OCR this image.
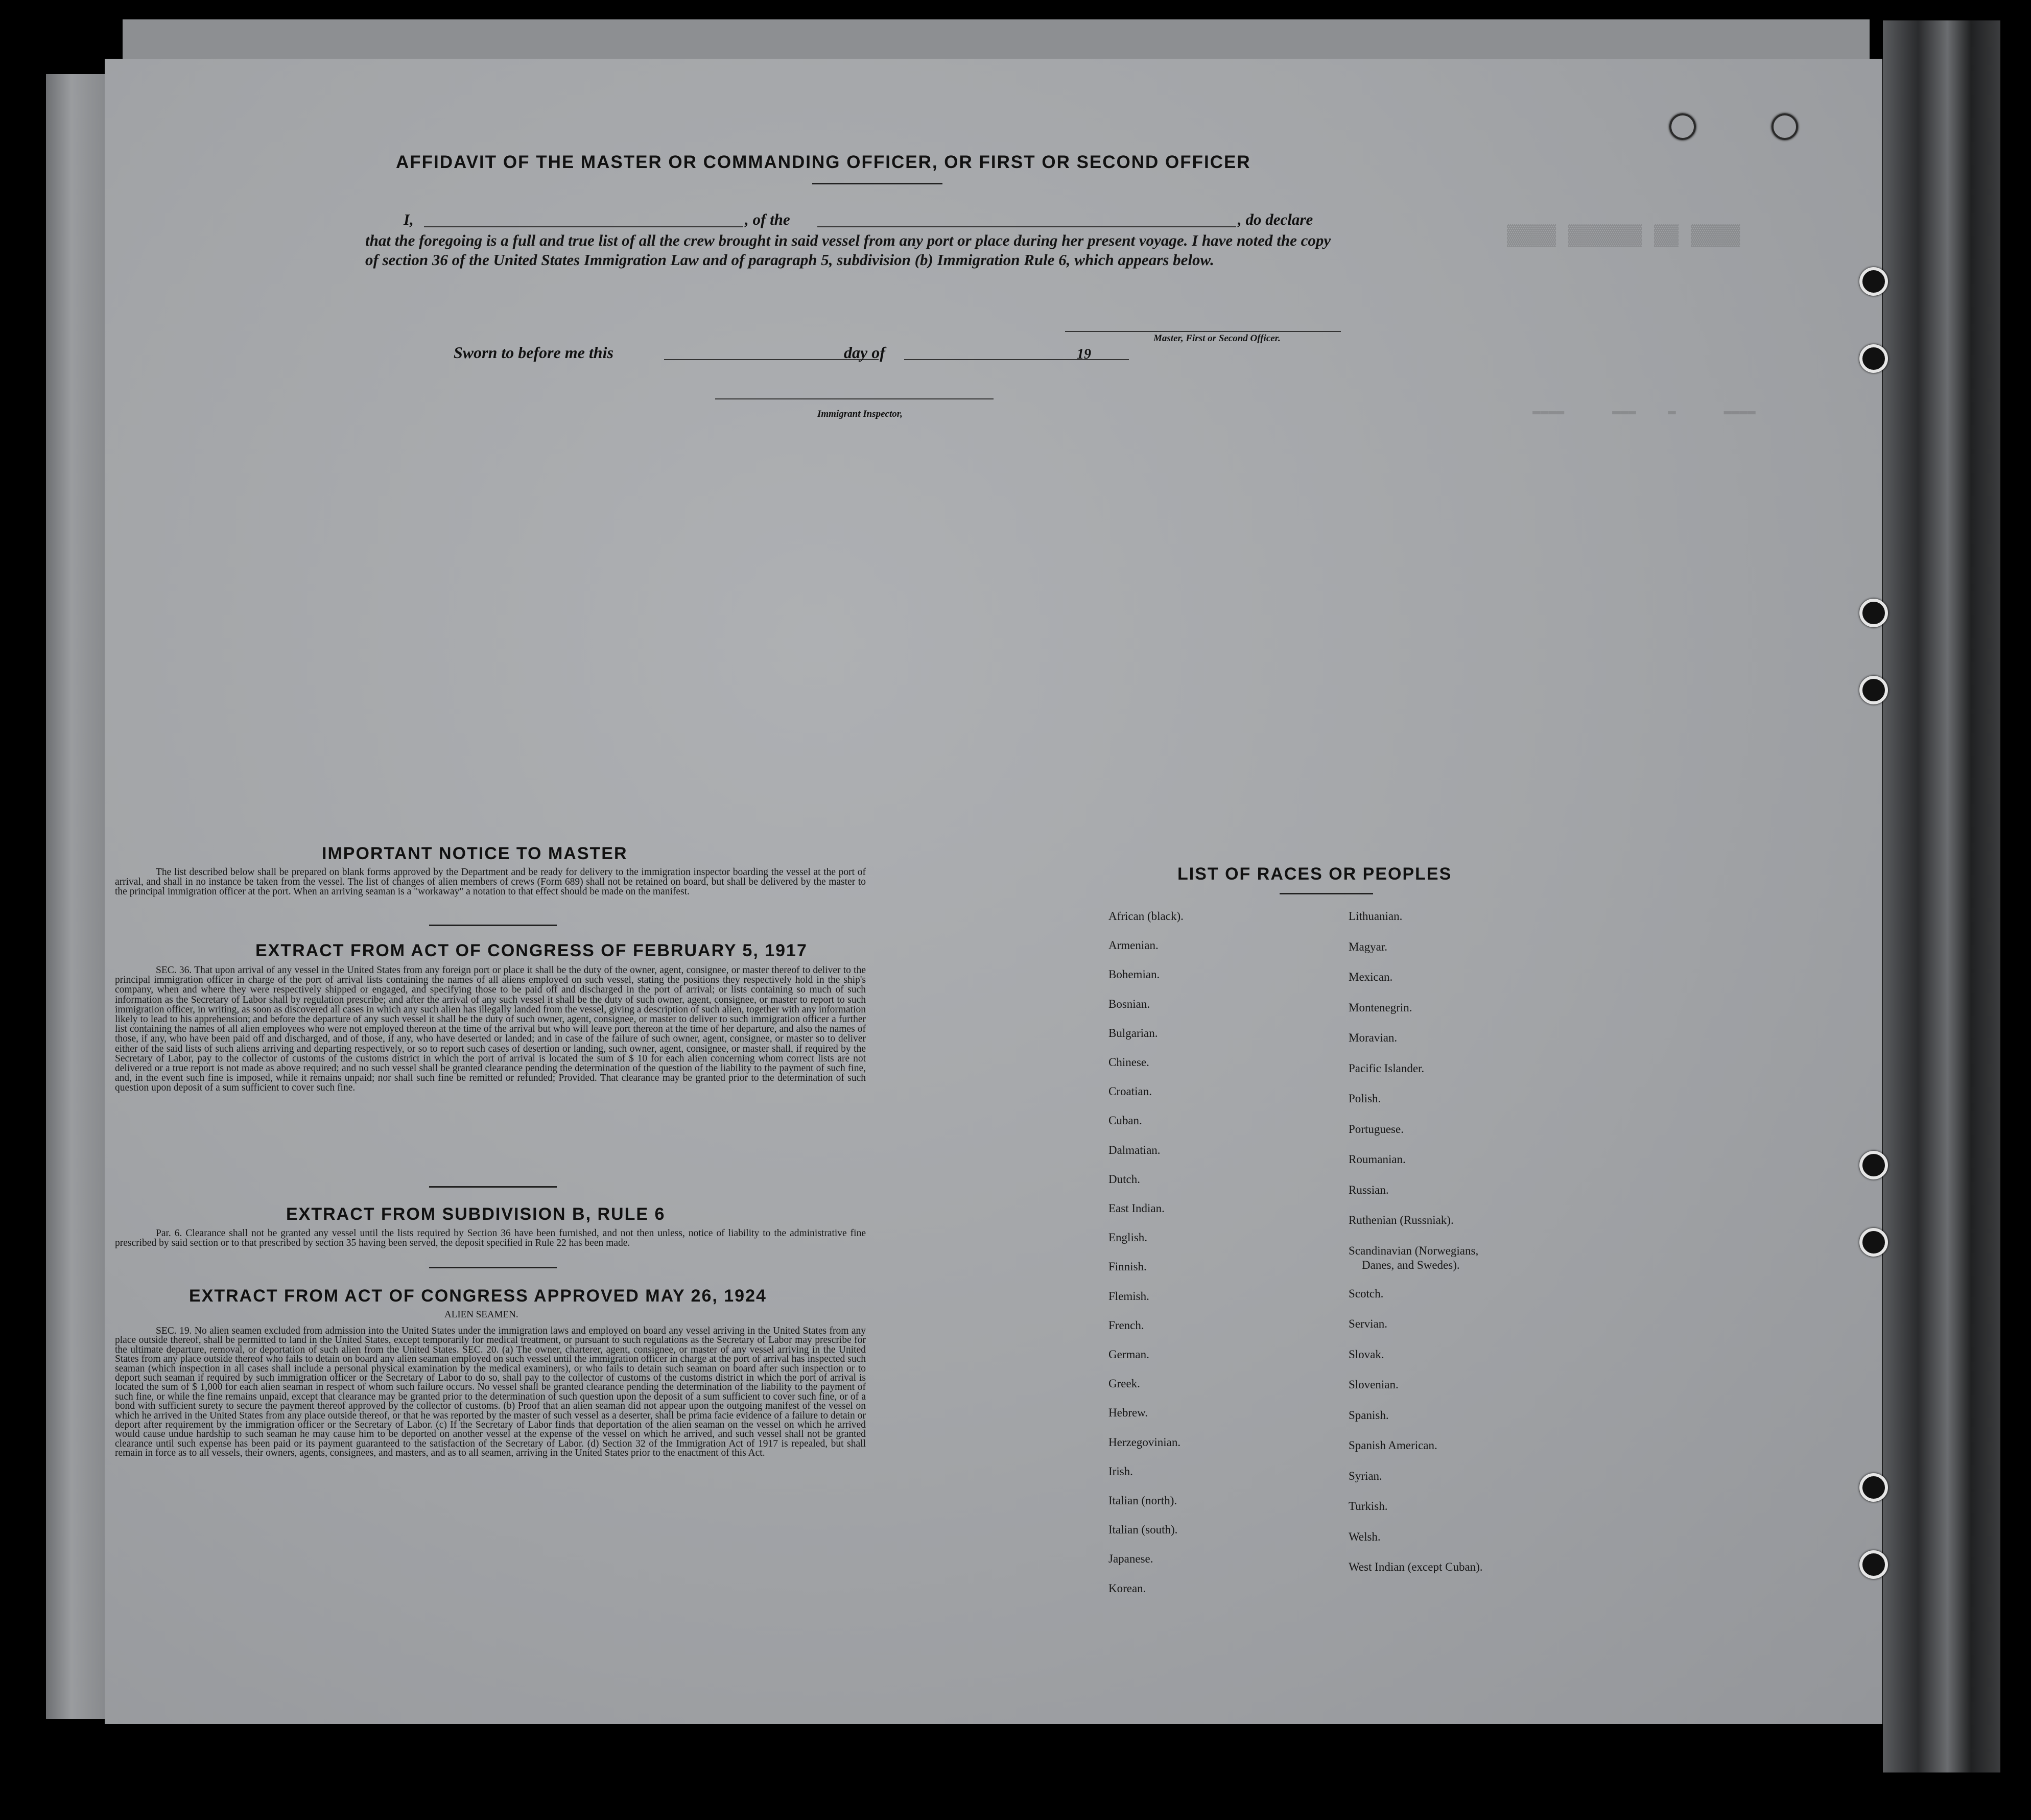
▓▓▓▓ ▓▓▓▓▓▓ ▓▓ ▓▓▓▓
▬▬▬▬      ▬▬▬    ▬      ▬▬▬▬
AFFIDAVIT OF THE MASTER OR COMMANDING OFFICER, OR FIRST OR SECOND OFFICER
I,	, of the	, do declare
that the foregoing is a full and true list of all the crew brought in said vessel from any port or place during her present voyage. I have noted the copy of section 36 of the United States Immigration Law and of paragraph 5, subdivision (b) Immigration Rule 6, which appears below.
Master, First or Second Officer.
Sworn to before me this	day of	19
Immigrant Inspector,
IMPORTANT NOTICE TO MASTER
The list described below shall be prepared on blank forms approved by the Department and be ready for delivery to the immigration inspector boarding the vessel at the port of arrival, and shall in no instance be taken from the vessel. The list of changes of alien members of crews (Form 689) shall not be retained on board, but shall be delivered by the master to the principal immigration officer at the port. When an arriving seaman is a "workaway" a notation to that effect should be made on the manifest.
EXTRACT FROM ACT OF CONGRESS OF FEBRUARY 5, 1917
SEC. 36. That upon arrival of any vessel in the United States from any foreign port or place it shall be the duty of the owner, agent, consignee, or master thereof to deliver to the principal immigration officer in charge of the port of arrival lists containing the names of all aliens employed on such vessel, stating the positions they respectively hold in the ship's company, when and where they were respectively shipped or engaged, and specifying those to be paid off and discharged in the port of arrival; or lists containing so much of such information as the Secretary of Labor shall by regulation prescribe; and after the arrival of any such vessel it shall be the duty of such owner, agent, consignee, or master to report to such immigration officer, in writing, as soon as discovered all cases in which any such alien has illegally landed from the vessel, giving a description of such alien, together with any information likely to lead to his apprehension; and before the departure of any such vessel it shall be the duty of such owner, agent, consignee, or master to deliver to such immigration officer a further list containing the names of all alien employees who were not employed thereon at the time of the arrival but who will leave port thereon at the time of her departure, and also the names of those, if any, who have been paid off and discharged, and of those, if any, who have deserted or landed; and in case of the failure of such owner, agent, consignee, or master so to deliver either of the said lists of such aliens arriving and departing respectively, or so to report such cases of desertion or landing, such owner, agent, consignee, or master shall, if required by the Secretary of Labor, pay to the collector of customs of the customs district in which the port of arrival is located the sum of $ 10 for each alien concerning whom correct lists are not delivered or a true report is not made as above required; and no such vessel shall be granted clearance pending the determination of the question of the liability to the payment of such fine, and, in the event such fine is imposed, while it remains unpaid; nor shall such fine be remitted or refunded; Provided. That clearance may be granted prior to the determination of such question upon deposit of a sum sufficient to cover such fine.
EXTRACT FROM SUBDIVISION B, RULE 6
Par. 6. Clearance shall not be granted any vessel until the lists required by Section 36 have been furnished, and not then unless, notice of liability to the administrative fine prescribed by said section or to that prescribed by section 35 having been served, the deposit specified in Rule 22 has been made.
EXTRACT FROM ACT OF CONGRESS APPROVED MAY 26, 1924
ALIEN SEAMEN.
SEC. 19. No alien seamen excluded from admission into the United States under the immigration laws and employed on board any vessel arriving in the United States from any place outside thereof, shall be permitted to land in the United States, except temporarily for medical treatment, or pursuant to such regulations as the Secretary of Labor may prescribe for the ultimate departure, removal, or deportation of such alien from the United States. SEC. 20. (a) The owner, charterer, agent, consignee, or master of any vessel arriving in the United States from any place outside thereof who fails to detain on board any alien seaman employed on such vessel until the immigration officer in charge at the port of arrival has inspected such seaman (which inspection in all cases shall include a personal physical examination by the medical examiners), or who fails to detain such seaman on board after such inspection or to deport such seaman if required by such immigration officer or the Secretary of Labor to do so, shall pay to the collector of customs of the customs district in which the port of arrival is located the sum of $ 1,000 for each alien seaman in respect of whom such failure occurs. No vessel shall be granted clearance pending the determination of the liability to the payment of such fine, or while the fine remains unpaid, except that clearance may be granted prior to the determination of such question upon the deposit of a sum sufficient to cover such fine, or of a bond with sufficient surety to secure the payment thereof approved by the collector of customs. (b) Proof that an alien seaman did not appear upon the outgoing manifest of the vessel on which he arrived in the United States from any place outside thereof, or that he was reported by the master of such vessel as a deserter, shall be prima facie evidence of a failure to detain or deport after requirement by the immigration officer or the Secretary of Labor. (c) If the Secretary of Labor finds that deportation of the alien seaman on the vessel on which he arrived would cause undue hardship to such seaman he may cause him to be deported on another vessel at the expense of the vessel on which he arrived, and such vessel shall not be granted clearance until such expense has been paid or its payment guaranteed to the satisfaction of the Secretary of Labor. (d) Section 32 of the Immigration Act of 1917 is repealed, but shall remain in force as to all vessels, their owners, agents, consignees, and masters, and as to all seamen, arriving in the United States prior to the enactment of this Act.
LIST OF RACES OR PEOPLES
African (black).
Armenian.
Bohemian.
Bosnian.
Bulgarian.
Chinese.
Croatian.
Cuban.
Dalmatian.
Dutch.
East Indian.
English.
Finnish.
Flemish.
French.
German.
Greek.
Hebrew.
Herzegovinian.
Irish.
Italian (north).
Italian (south).
Japanese.
Korean.
Lithuanian.
Magyar.
Mexican.
Montenegrin.
Moravian.
Pacific Islander.
Polish.
Portuguese.
Roumanian.
Russian.
Ruthenian (Russniak).
Scandinavian (Norwegians,
Danes, and Swedes).
Scotch.
Servian.
Slovak.
Slovenian.
Spanish.
Spanish American.
Syrian.
Turkish.
Welsh.
West Indian (except Cuban).
